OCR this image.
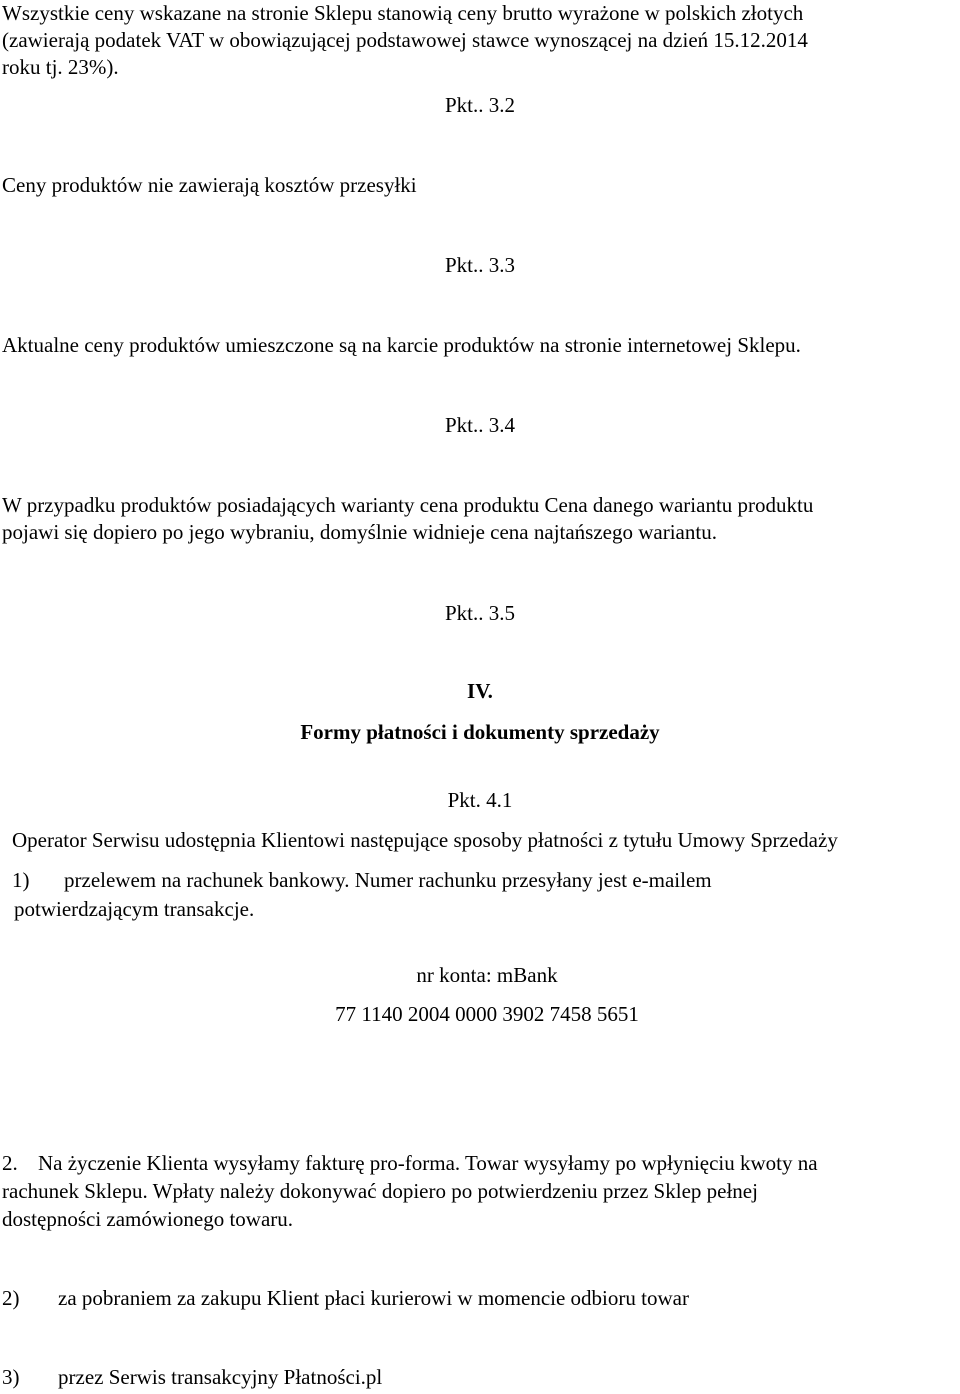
Wszystkie ceny wskazane na stronie Sklepu stanowią ceny brutto wyrażone w polskich złotych
(zawierają podatek VAT w obowiązującej podstawowej stawce wynoszącej na dzień 15.12.2014
roku tj. 23%).
Pkt.. 3.2
Ceny produktów nie zawierają kosztów przesyłki
Pkt.. 3.3
Aktualne ceny produktów umieszczone są na karcie produktów na stronie internetowej Sklepu.
Pkt.. 3.4
W przypadku produktów posiadających warianty cena produktu Cena danego wariantu produktu
pojawi się dopiero po jego wybraniu, domyślnie widnieje cena najtańszego wariantu.
Pkt.. 3.5
IV.
Formy płatności i dokumenty sprzedaży
Pkt. 4.1
Operator Serwisu udostępnia Klientowi następujące sposoby płatności z tytułu Umowy Sprzedaży
1) przelewem na rachunek bankowy. Numer rachunku przesyłany jest e-mailem
potwierdzającym transakcje.
nr konta: mBank
77 1140 2004 0000 3902 7458 5651
2. Na życzenie Klienta wysyłamy fakturę pro-forma. Towar wysyłamy po wpłynięciu kwoty na
rachunek Sklepu. Wpłaty należy dokonywać dopiero po potwierdzeniu przez Sklep pełnej
dostępności zamówionego towaru.
2) za pobraniem za zakupu Klient płaci kurierowi w momencie odbioru towar
3) przez Serwis transakcyjny Płatności.pl
